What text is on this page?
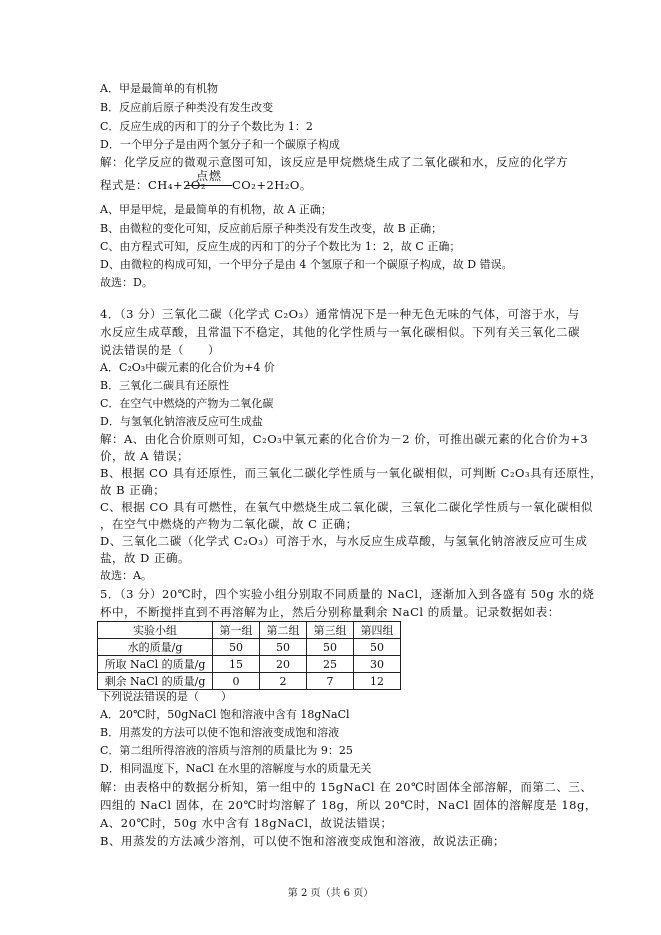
A．甲是最简单的有机物
B．反应前后原子种类没有发生改变
C．反应生成的丙和丁的分子个数比为 1：2
D．一个甲分子是由两个氢分子和一个碳原子构成
解：化学反应的微观示意图可知，该反应是甲烷燃烧生成了二氧化碳和水，反应的化学方
程式是：CH₄+2O₂
点燃
CO₂+2H₂O。
A、甲是甲烷，是最简单的有机物，故 A 正确；
B、由微粒的变化可知，反应前后原子种类没有发生改变，故 B 正确；
C、由方程式可知，反应生成的丙和丁的分子个数比为 1：2，故 C 正确；
D、由微粒的构成可知，一个甲分子是由 4 个氢原子和一个碳原子构成，故 D 错误。
故选：D。
4．（3 分）三氧化二碳（化学式 C₂O₃）通常情况下是一种无色无味的气体，可溶于水，与
水反应生成草酸，且常温下不稳定，其他的化学性质与一氧化碳相似。下列有关三氧化二碳
说法错误的是（　　）
A．C₂O₃中碳元素的化合价为+4 价
B．三氧化二碳具有还原性
C．在空气中燃烧的产物为二氧化碳
D．与氢氧化钠溶液反应可生成盐
解：A、由化合价原则可知，C₂O₃中氧元素的化合价为－2 价，可推出碳元素的化合价为+3
价，故 A 错误；
B、根据 CO 具有还原性，而三氧化二碳化学性质与一氧化碳相似，可判断 C₂O₃具有还原性，
故 B 正确；
C、根据 CO 具有可燃性，在氧气中燃烧生成二氧化碳，三氧化二碳化学性质与一氧化碳相似
，在空气中燃烧的产物为二氧化碳，故 C 正确；
D、三氧化二碳（化学式 C₂O₃）可溶于水，与水反应生成草酸，与氢氧化钠溶液反应可生成
盐，故 D 正确。
故选：A。
5．（3 分）20℃时，四个实验小组分别取不同质量的 NaCl，逐渐加入到各盛有 50g 水的烧
杯中，不断搅拌直到不再溶解为止，然后分别称量剩余 NaCl 的质量。记录数据如表：
实验小组	第一组	第二组	第三组	第四组
水的质量/g	50	50	50	50
所取 NaCl 的质量/g	15	20	25	30
剩余 NaCl 的质量/g	0	2	7	12
下列说法错误的是（　　）
A．20℃时，50gNaCl 饱和溶液中含有 18gNaCl
B．用蒸发的方法可以使不饱和溶液变成饱和溶液
C．第二组所得溶液的溶质与溶剂的质量比为 9：25
D．相同温度下，NaCl 在水里的溶解度与水的质量无关
解：由表格中的数据分析知，第一组中的 15gNaCl 在 20℃时固体全部溶解，而第二、三、
四组的 NaCl 固体，在 20℃时均溶解了 18g，所以 20℃时，NaCl 固体的溶解度是 18g，
A、20℃时，50g 水中含有 18gNaCl，故说法错误；
B、用蒸发的方法减少溶剂，可以使不饱和溶液变成饱和溶液，故说法正确；
第 2 页（共 6 页）
